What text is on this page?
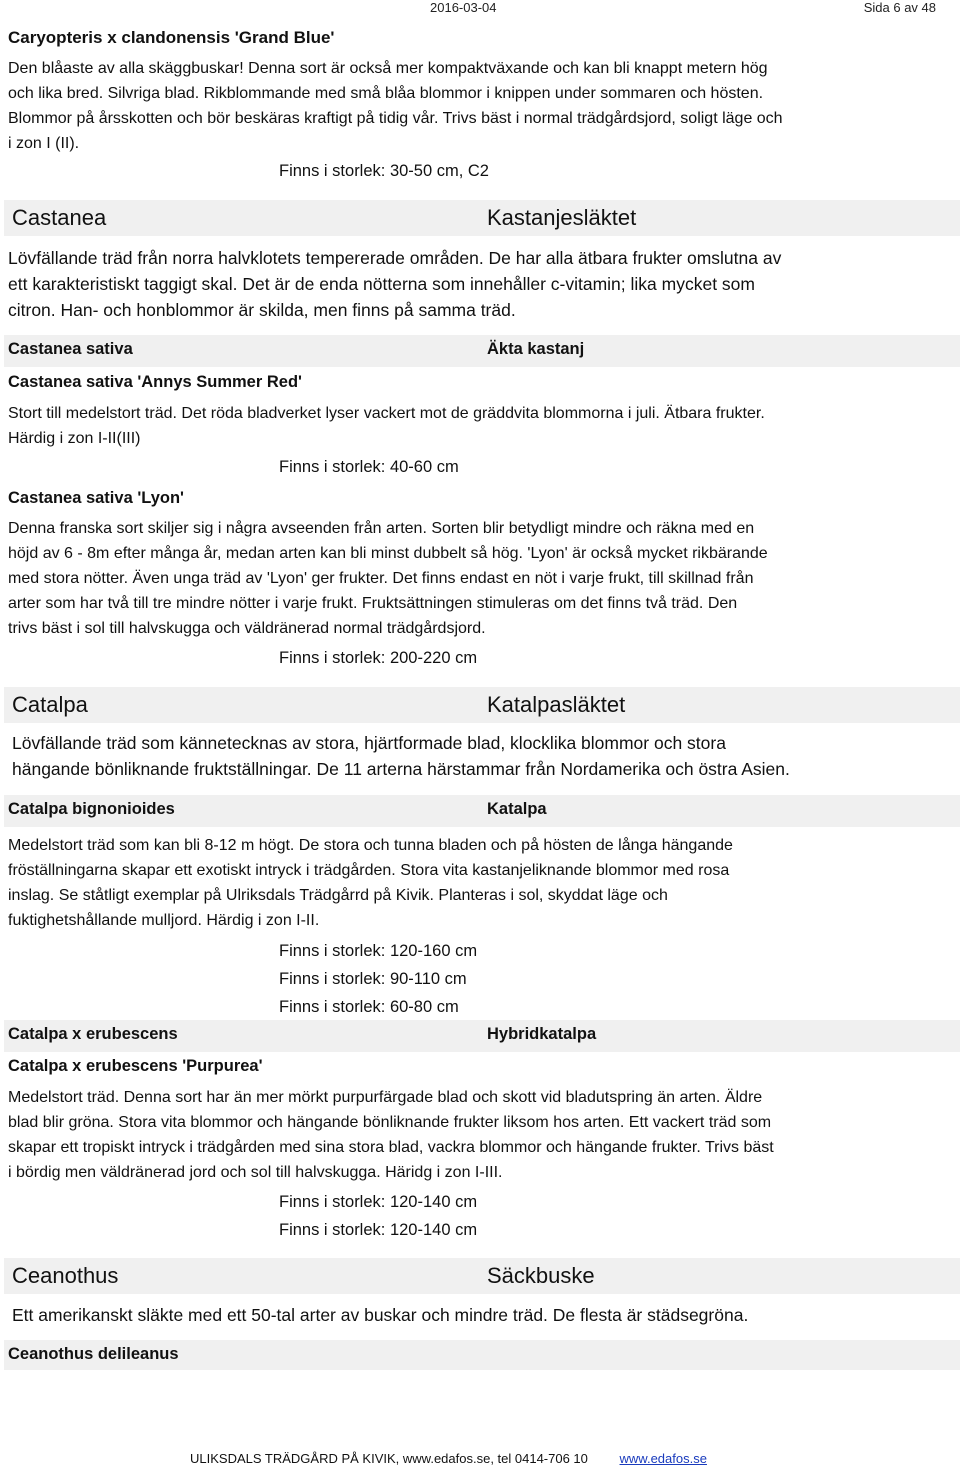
2016-03-04	Sida 6 av 48
Caryopteris x clandonensis 'Grand Blue'
Den blåaste av alla skäggbuskar! Denna sort är också mer kompaktväxande och kan bli knappt metern hög
och lika bred. Silvriga blad. Rikblommande med små blåa blommor i knippen under sommaren och hösten.
Blommor på årsskotten och bör beskäras kraftigt på tidig vår. Trivs bäst i normal trädgårdsjord, soligt läge och
i zon I (II).
Finns i storlek: 30-50 cm, C2
Castanea	Kastanjesläktet
Lövfällande träd från norra halvklotets tempererade områden. De har alla ätbara frukter omslutna av
ett karakteristiskt taggigt skal. Det är de enda nötterna som innehåller c-vitamin; lika mycket som
citron. Han- och honblommor är skilda, men finns på samma träd.
Castanea sativa	Äkta kastanj
Castanea sativa 'Annys Summer Red'
Stort till medelstort träd. Det röda bladverket lyser vackert mot de gräddvita blommorna i juli. Ätbara frukter.
Härdig i zon I-II(III)
Finns i storlek: 40-60 cm
Castanea sativa 'Lyon'
Denna franska sort skiljer sig i några avseenden från arten. Sorten blir betydligt mindre och räkna med en
höjd av 6 - 8m efter många år, medan arten kan bli minst dubbelt så hög. 'Lyon' är också mycket rikbärande
med stora nötter. Även unga träd av 'Lyon' ger frukter. Det finns endast en nöt i varje frukt, till skillnad från
arter som har två till tre mindre nötter i varje frukt. Fruktsättningen stimuleras om det finns två träd. Den
trivs bäst i sol till halvskugga och väldränerad normal trädgårdsjord.
Finns i storlek: 200-220 cm
Catalpa	Katalpasläktet
Lövfällande träd som kännetecknas av stora, hjärtformade blad, klocklika blommor och stora
hängande bönliknande fruktställningar. De 11 arterna härstammar från Nordamerika och östra Asien.
Catalpa bignonioides	Katalpa
Medelstort träd som kan bli 8-12 m högt. De stora och tunna bladen och på hösten de långa hängande
fröställningarna skapar ett exotiskt intryck i trädgården. Stora vita kastanjeliknande blommor med rosa
inslag. Se ståtligt exemplar på Ulriksdals Trädgårrd på Kivik. Planteras i sol, skyddat läge och
fuktighetshållande mulljord. Härdig i zon I-II.
Finns i storlek: 120-160 cm
Finns i storlek: 90-110 cm
Finns i storlek: 60-80 cm
Catalpa x erubescens	Hybridkatalpa
Catalpa x erubescens 'Purpurea'
Medelstort träd. Denna sort har än mer mörkt purpurfärgade blad och skott vid bladutspring än arten. Äldre
blad blir gröna. Stora vita blommor och hängande bönliknande frukter liksom hos arten. Ett vackert träd som
skapar ett tropiskt intryck i trädgården med sina stora blad, vackra blommor och hängande frukter. Trivs bäst
i bördig men väldränerad jord och sol till halvskugga. Häridg i zon I-III.
Finns i storlek: 120-140 cm
Finns i storlek: 120-140 cm
Ceanothus	Säckbuske
Ett amerikanskt släkte med ett 50-tal arter av buskar och mindre träd. De flesta är städsegröna.
Ceanothus delileanus
ULIKSDALS TRÄDGÅRD PÅ KIVIK, www.edafos.se, tel 0414-706 10 www.edafos.se
